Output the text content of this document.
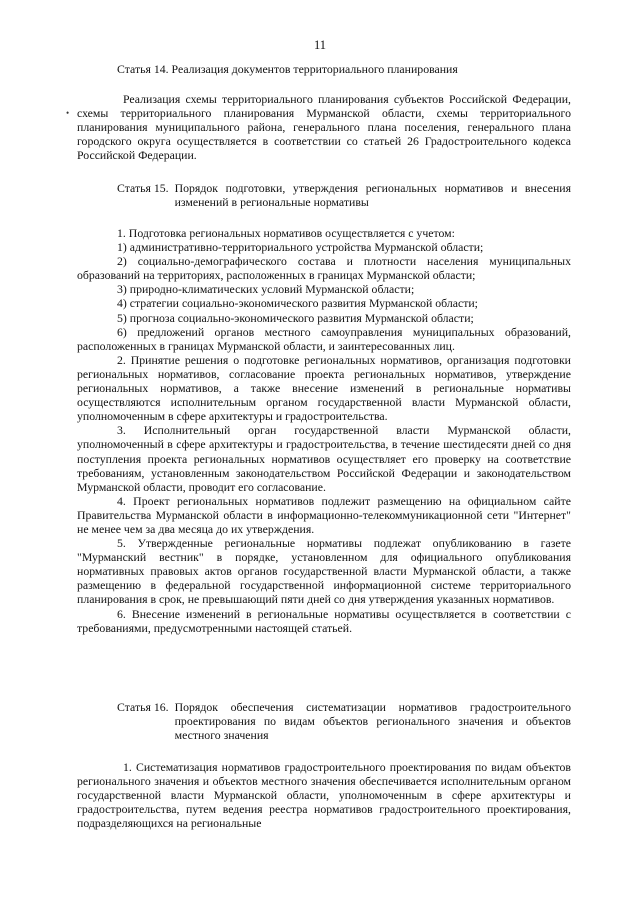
11
•
Статья 14. Реализация документов территориального планирования
Реализация схемы территориального планирования субъектов Российской Федерации, схемы территориального планирования Мурманской области, схемы территориального планирования муниципального района, генерального плана поселения, генерального плана городского округа осуществляется в соответствии со статьей 26 Градостроительного кодекса Российской Федерации.
Статья 15. Порядок подготовки, утверждения региональных нормативов и внесения изменений в региональные нормативы

1. Подготовка региональных нормативов осуществляется с учетом:

1) административно-территориального устройства Мурманской области;

2) социально-демографического состава и плотности населения муниципальных образований на территориях, расположенных в границах Мурманской области;

3) природно-климатических условий Мурманской области;

4) стратегии социально-экономического развития Мурманской области;

5) прогноза социально-экономического развития Мурманской области;

6) предложений органов местного самоуправления муниципальных образований, расположенных в границах Мурманской области, и заинтересованных лиц.

2. Принятие решения о подготовке региональных нормативов, организация подготовки региональных нормативов, согласование проекта региональных нормативов, утверждение региональных нормативов, а также внесение изменений в региональные нормативы осуществляются исполнительным органом государственной власти Мурманской области, уполномоченным в сфере архитектуры и градостроительства.

3. Исполнительный орган государственной власти Мурманской области, уполномоченный в сфере архитектуры и градостроительства, в течение шестидесяти дней со дня поступления проекта региональных нормативов осуществляет его проверку на соответствие требованиям, установленным законодательством Российской Федерации и законодательством Мурманской области, проводит его согласование.

4. Проект региональных нормативов подлежит размещению на официальном сайте Правительства Мурманской области в информационно-телекоммуникационной сети "Интернет" не менее чем за два месяца до их утверждения.

5. Утвержденные региональные нормативы подлежат опубликованию в газете "Мурманский вестник" в порядке, установленном для официального опубликования нормативных правовых актов органов государственной власти Мурманской области, а также размещению в федеральной государственной информационной системе территориального планирования в срок, не превышающий пяти дней со дня утверждения указанных нормативов.

6. Внесение изменений в региональные нормативы осуществляется в соответствии с требованиями, предусмотренными настоящей статьей.

Статья 16. Порядок обеспечения систематизации нормативов градостроительного проектирования по видам объектов регионального значения и объектов местного значения
1. Систематизация нормативов градостроительного проектирования по видам объектов регионального значения и объектов местного значения обеспечивается исполнительным органом государственной власти Мурманской области, уполномоченным в сфере архитектуры и градостроительства, путем ведения реестра нормативов градостроительного проектирования, подразделяющихся на региональные
